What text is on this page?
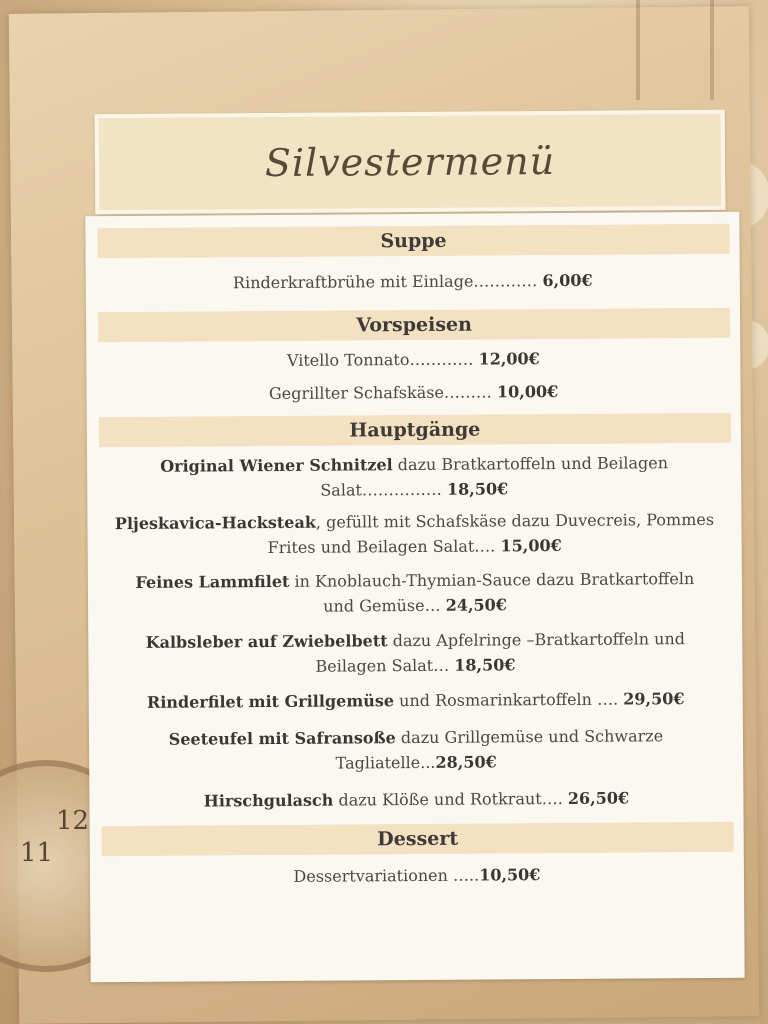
12
11
Silvestermenü
Suppe
Rinderkraftbrühe mit Einlage………… 6,00€
Vorspeisen
Vitello Tonnato………… 12,00€
Gegrillter Schafskäse……… 10,00€
Hauptgänge
Original Wiener Schnitzel dazu Bratkartoffeln und Beilagen
Salat…………… 18,50€
Pljeskavica-Hacksteak, gefüllt mit Schafskäse dazu Duvecreis, Pommes
Frites und Beilagen Salat…. 15,00€
Feines Lammfilet in Knoblauch-Thymian-Sauce dazu Bratkartoffeln
und Gemüse… 24,50€
Kalbsleber auf Zwiebelbett dazu Apfelringe –Bratkartoffeln und
Beilagen Salat… 18,50€
Rinderfilet mit Grillgemüse und Rosmarinkartoffeln …. 29,50€
Seeteufel mit Safransoße dazu Grillgemüse und Schwarze
Tagliatelle...28,50€
Hirschgulasch dazu Klöße und Rotkraut…. 26,50€
Dessert
Dessertvariationen …..10,50€
